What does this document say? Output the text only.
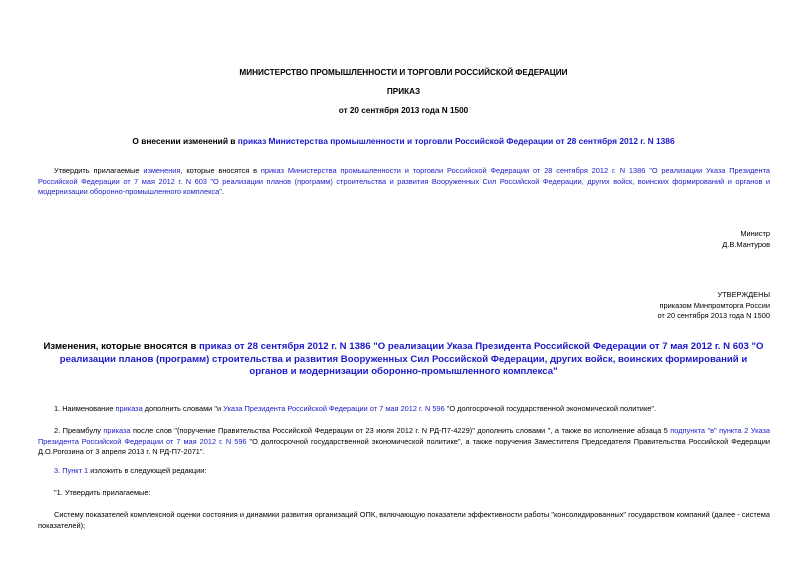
МИНИСТЕРСТВО ПРОМЫШЛЕННОСТИ И ТОРГОВЛИ РОССИЙСКОЙ ФЕДЕРАЦИИ
ПРИКАЗ
от 20 сентября 2013 года N 1500
О внесении изменений в приказ Министерства промышленности и торговли Российской Федерации от 28 сентября 2012 г. N 1386
Утвердить прилагаемые изменения, которые вносятся в приказ Министерства промышленности и торговли Российской Федерации от 28 сентября 2012 г. N 1386 "О реализации Указа Президента Российской Федерации от 7 мая 2012 г. N 603 "О реализации планов (программ) строительства и развития Вооруженных Сил Российской Федерации, других войск, воинских формирований и органов и модернизации оборонно-промышленного комплекса".
Министр
Д.В.Мантуров
УТВЕРЖДЕНЫ
приказом Минпромторга России
от 20 сентября 2013 года N 1500
Изменения, которые вносятся в приказ от 28 сентября 2012 г. N 1386 "О реализации Указа Президента Российской Федерации от 7 мая 2012 г. N 603 "О реализации планов (программ) строительства и развития Вооруженных Сил Российской Федерации, других войск, воинских формирований и органов и модернизации оборонно-промышленного комплекса"
1. Наименование приказа дополнить словами "и Указа Президента Российской Федерации от 7 мая 2012 г. N 596 "О долгосрочной государственной экономической политике".
2. Преамбулу приказа после слов "(поручение Правительства Российской Федерации от 23 июля 2012 г. N РД-П7-4229)" дополнить словами ", а также во исполнение абзаца 5 подпункта "в" пункта 2 Указа Президента Российской Федерации от 7 мая 2012 г. N 596 "О долгосрочной государственной экономической политике", а также поручения Заместителя Председателя Правительства Российской Федерации Д.О.Рогозина от 3 апреля 2013 г. N РД-П7-2071".
3. Пункт 1 изложить в следующей редакции:
"1. Утвердить прилагаемые:
Систему показателей комплексной оценки состояния и динамики развития организаций ОПК, включающую показатели эффективности работы "консолидированных" государством компаний (далее - система показателей);
